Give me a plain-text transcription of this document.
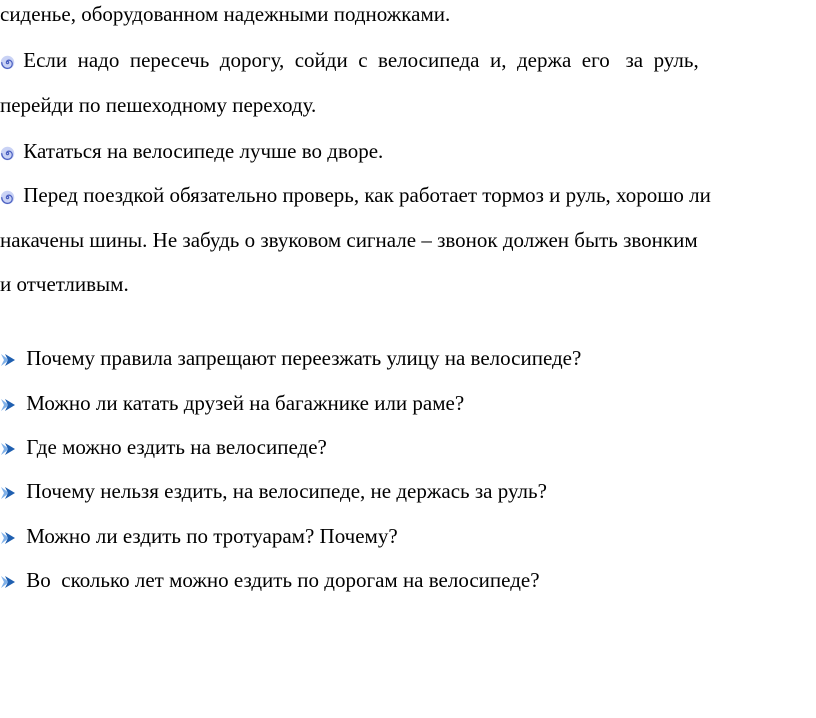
сиденье, оборудованном надежными подножками.
Если  надо  пересечь  дорогу,  сойди  с  велосипеда  и,  держа  его   за  руль,
перейди по пешеходному переходу.
Кататься на велосипеде лучше во дворе.
Перед поездкой обязательно проверь, как работает тормоз и руль, хорошо ли
накачены шины. Не забудь о звуковом сигнале – звонок должен быть звонким
и отчетливым.
Почему правила запрещают переезжать улицу на велосипеде?
Можно ли катать друзей на багажнике или раме?
Где можно ездить на велосипеде?
Почему нельзя ездить, на велосипеде, не держась за руль?
Можно ли ездить по тротуарам? Почему?
Во  сколько лет можно ездить по дорогам на велосипеде?
